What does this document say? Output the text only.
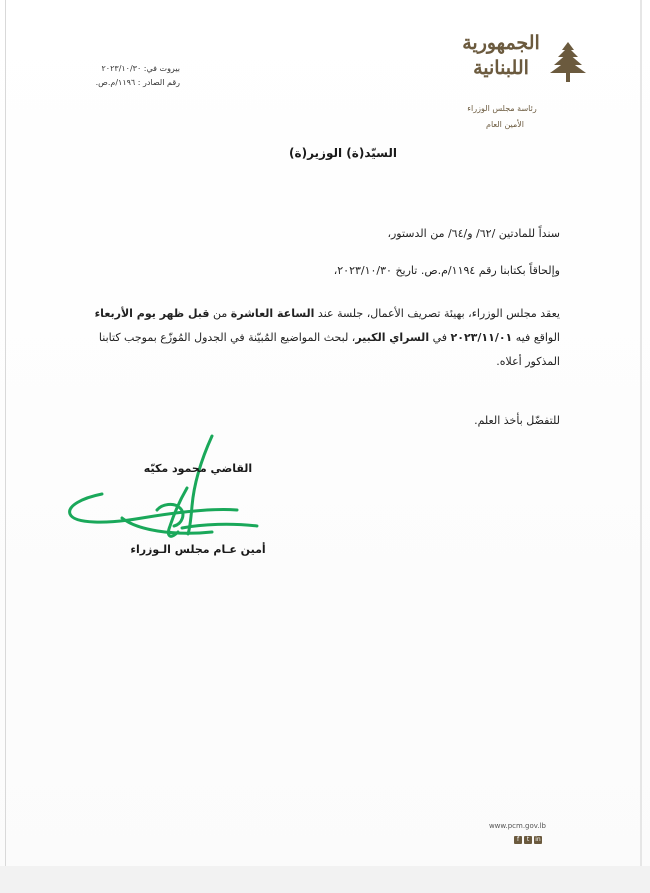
بيروت في: ٢٠٢٣/١٠/٣٠
رقم الصادر : ١١٩٦/م.ص.
الجمهورية
اللبنانية
رئاسة مجلس الوزراء
الأمين العام
السيّد(ة) الوزير(ة)
سنداً للمادتين /٦٢/ و/٦٤/ من الدستور،
وإلحاقاً بكتابنا رقم ١١٩٤/م.ص. تاريخ ٢٠٢٣/١٠/٣٠،
يعقد مجلس الوزراء، بهيئة تصريف الأعمال، جلسة عند الساعة العاشرة من قبل ظهر يوم الأربعاء الواقع فيه ٢٠٢٣/١١/٠١ في السراي الكبير، لبحث المواضيع المُبيّنة في الجدول المُوزّع بموجب كتابنا المذكور أعلاه.
للتفضّل بأخذ العلم.
القاضي محمود مكيّه
أمين عـام مجلس الـوزراء
www.pcm.gov.lb
f	t	in
